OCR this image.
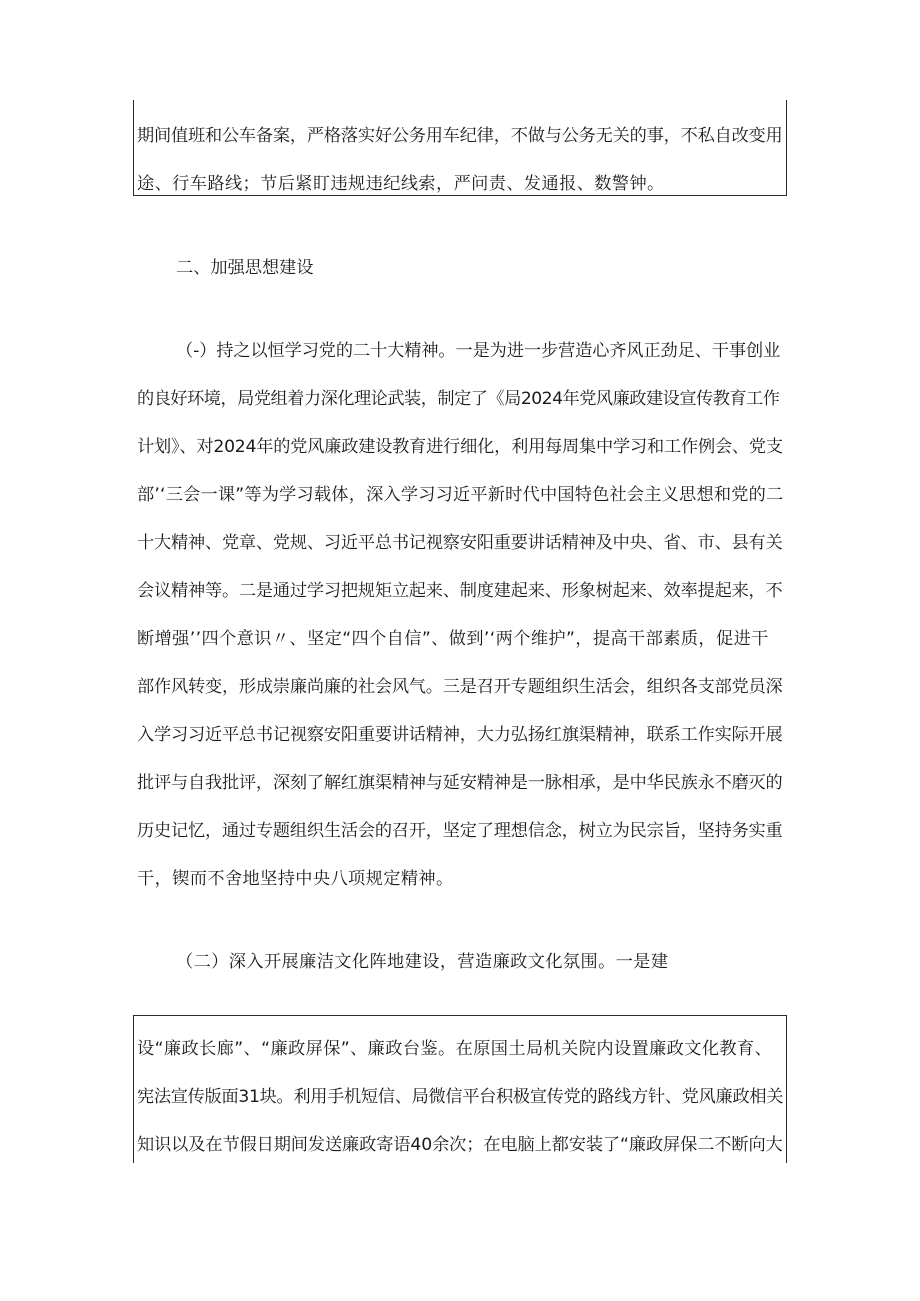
期间值班和公车备案，严格落实好公务用车纪律，不做与公务无关的事，不私自改变用
途、行车路线；节后紧盯违规违纪线索，严问责、发通报、数警钟。
二、加强思想建设
（-）持之以恒学习党的二十大精神。一是为进一步营造心齐风正劲足、干事创业
的良好环境，局党组着力深化理论武装，制定了《局2024年党风廉政建设宣传教育工作
计划》、对2024年的党风廉政建设教育进行细化，利用每周集中学习和工作例会、党支
部’‘三会一课”等为学习载体，深入学习习近平新时代中国特色社会主义思想和党的二
十大精神、党章、党规、习近平总书记视察安阳重要讲话精神及中央、省、市、县有关
会议精神等。二是通过学习把规矩立起来、制度建起来、形象树起来、效率提起来，不
断增强’’四个意识〃、坚定“四个自信”、做到’‘两个维护”，提高干部素质，促进干
部作风转变，形成崇廉尚廉的社会风气。三是召开专题组织生活会，组织各支部党员深
入学习习近平总书记视察安阳重要讲话精神，大力弘扬红旗渠精神，联系工作实际开展
批评与自我批评，深刻了解红旗渠精神与延安精神是一脉相承，是中华民族永不磨灭的
历史记忆，通过专题组织生活会的召开，坚定了理想信念，树立为民宗旨，坚持务实重
干，锲而不舍地坚持中央八项规定精神。
（二）深入开展廉洁文化阵地建设，营造廉政文化氛围。一是建
设“廉政长廊”、“廉政屏保”、廉政台鉴。在原国土局机关院内设置廉政文化教育、
宪法宣传版面31块。利用手机短信、局微信平台积极宣传党的路线方针、党风廉政相关
知识以及在节假日期间发送廉政寄语40余次；在电脑上都安装了“廉政屏保二不断向大
